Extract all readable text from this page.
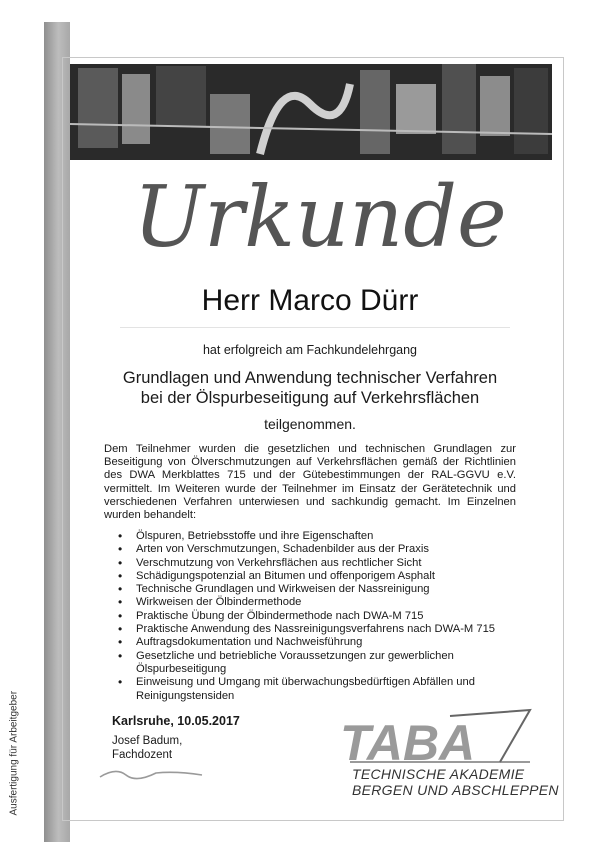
Ausfertigung für Arbeitgeber
Urkunde
Herr Marco Dürr
hat erfolgreich am Fachkundelehrgang
Grundlagen und Anwendung technischer Verfahren
bei der Ölspurbeseitigung auf Verkehrsflächen
teilgenommen.
Dem Teilnehmer wurden die gesetzlichen und technischen Grundlagen zur Beseitigung von Ölverschmutzungen auf Verkehrsflächen gemäß der Richtlinien des DWA Merkblattes 715 und der Gütebestimmungen der RAL-GGVU e.V. vermittelt. Im Weiteren wurde der Teilnehmer im Einsatz der Gerätetechnik und verschiedenen Verfahren unterwiesen und sachkundig gemacht. Im Einzelnen wurden behandelt:
• Ölspuren, Betriebsstoffe und ihre Eigenschaften
• Arten von Verschmutzungen, Schadenbilder aus der Praxis
• Verschmutzung von Verkehrsflächen aus rechtlicher Sicht
• Schädigungspotenzial an Bitumen und offenporigem Asphalt
• Technische Grundlagen und Wirkweisen der Nassreinigung
• Wirkweisen der Ölbindermethode
• Praktische Übung der Ölbindermethode nach DWA-M 715
• Praktische Anwendung des Nassreinigungsverfahrens nach DWA-M 715
• Auftragsdokumentation und Nachweisführung
• Gesetzliche und betriebliche Voraussetzungen zur gewerblichen Ölspurbeseitigung
• Einweisung und Umgang mit überwachungsbedürftigen Abfällen und Reinigungstensiden
Karlsruhe, 10.05.2017
Josef Badum,
Fachdozent	TABA
TECHNISCHE AKADEMIE
BERGEN UND ABSCHLEPPEN
